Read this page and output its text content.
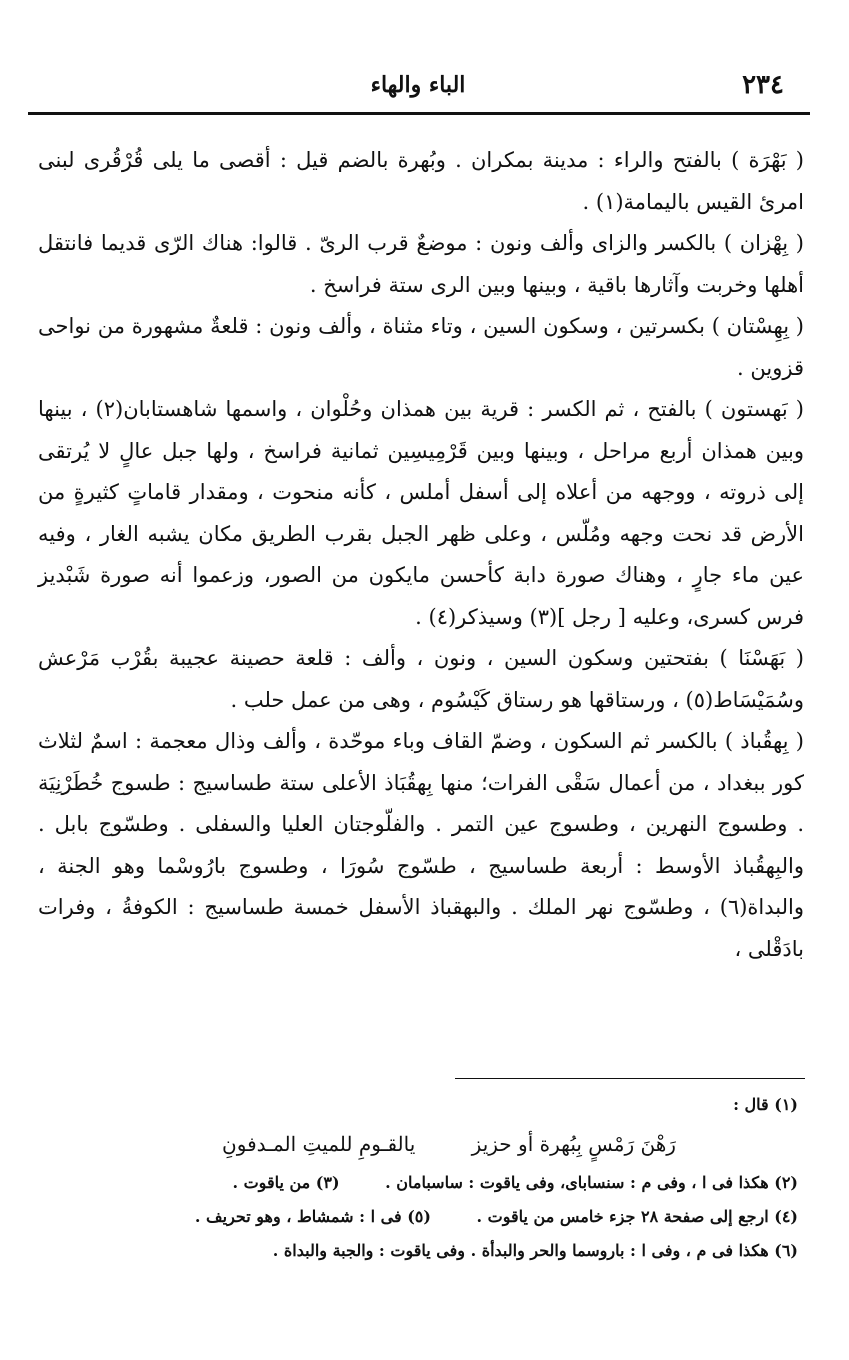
٢٣٤
الباء والهاء

( بَهْرَة ) بالفتح والراء : مدينة بمكران . وبُهرة بالضم قيل : أقصى ما يلى قُرْقُرى لبنى امرئ القيس باليمامة(١) .

( بِهْزان ) بالكسر والزاى وألف ونون : موضعٌ قرب الرىّ . قالوا: هناك الرّى قديما فانتقل أهلها وخربت وآثارها باقية ، وبينها وبين الرى ستة فراسخ .

( بِهِسْتان ) بكسرتين ، وسكون السين ، وتاء مثناة ، وألف ونون : قلعةٌ مشهورة من نواحى قزوين .

( بَهستون ) بالفتح ، ثم الكسر : قرية بين همذان وحُلْوان ، واسمها شاهستابان(٢) ، بينها وبين همذان أربع مراحل ، وبينها وبين قَرْمِيسِين ثمانية فراسخ ، ولها جبل عالٍ لا يُرتقى إلى ذروته ، ووجهه من أعلاه إلى أسفل أملس ، كأنه منحوت ، ومقدار قاماتٍ كثيرةٍ من الأرض قد نحت وجهه ومُلّس ، وعلى ظهر الجبل بقرب الطريق مكان يشبه الغار ، وفيه عين ماء جارٍ ، وهناك صورة دابة كأحسن مايكون من الصور، وزعموا أنه صورة شَبْديز فرس كسرى، وعليه [ رجل ](٣) وسيذكر(٤) .

( بَهَسْنَا ) بفتحتين وسكون السين ، ونون ، وألف : قلعة حصينة عجيبة بقُرْب مَرْعش وسُمَيْسَاط(٥) ، ورستاقها هو رستاق كَيْسُوم ، وهى من عمل حلب .

( بِهقُباذ ) بالكسر ثم السكون ، وضمّ القاف وباء موحّدة ، وألف وذال معجمة : اسمٌ لثلاث كور ببغداد ، من أعمال سَقْى الفرات؛ منها بِهقُبَاذ الأعلى ستة طساسيج : طسوج خُطَرْنِيَة . وطسوج النهرين ، وطسوج عين التمر . والفلّوجتان العليا والسفلى . وطسّوج بابل . والبِهقُباذ الأوسط : أربعة طساسيج ، طسّوج سُورَا ، وطسوج بارُوسْما وهو الجنة ، والبداة(٦) ، وطسّوج نهر الملك . والبهقباذ الأسفل خمسة طساسيج : الكوفةُ ، وفرات بادَقْلى ،

(١) قال :
رَهْنَ رَمْسٍ بِبُهرة أو حزيز يالقـومِ للميتِ المـدفونِ
(٢) هكذا فى ا ، وفى م : سنسابای، وفى ياقوت : ساسبامان . (٣) من ياقوت .
(٤) ارجع إلى صفحة ٢٨ جزء خامس من ياقوت . (٥) فى ا : شمشاط ، وهو تحريف .
(٦) هكذا فى م ، وفى ا : باروسما والحر والبدأة . وفى ياقوت : والجبة والبداة .
